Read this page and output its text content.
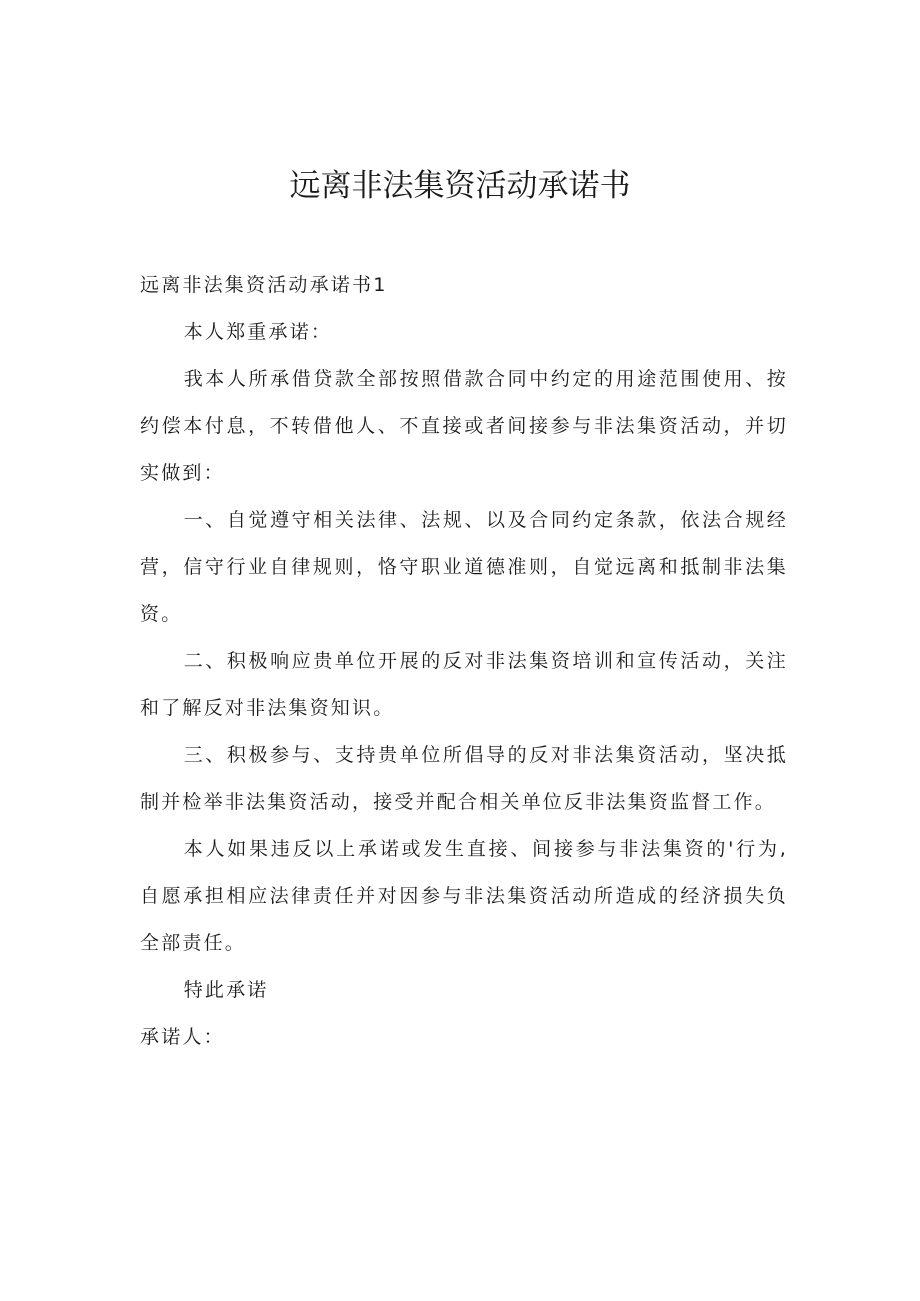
远离非法集资活动承诺书

远离非法集资活动承诺书1

本人郑重承诺：

我本人所承借贷款全部按照借款合同中约定的用途范围使用、按约偿本付息，不转借他人、不直接或者间接参与非法集资活动，并切实做到：

一、自觉遵守相关法律、法规、以及合同约定条款，依法合规经营，信守行业自律规则，恪守职业道德准则，自觉远离和抵制非法集资。

二、积极响应贵单位开展的反对非法集资培训和宣传活动，关注和了解反对非法集资知识。

三、积极参与、支持贵单位所倡导的反对非法集资活动，坚决抵制并检举非法集资活动，接受并配合相关单位反非法集资监督工作。

本人如果违反以上承诺或发生直接、间接参与非法集资的'行为,自愿承担相应法律责任并对因参与非法集资活动所造成的经济损失负全部责任。

特此承诺

承诺人：
